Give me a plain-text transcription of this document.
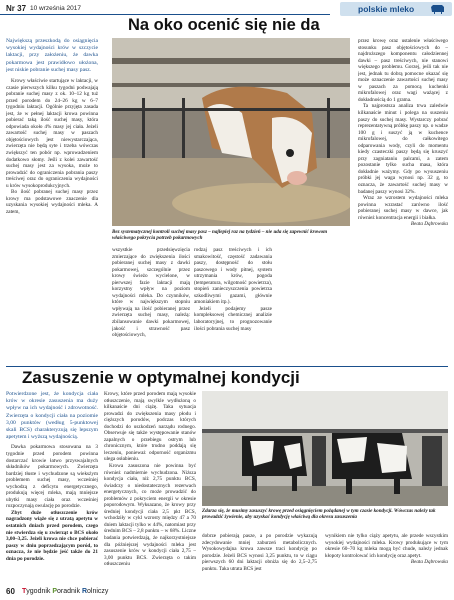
Nr 37 10 września 2017	polskie mleko
Na oko ocenić się nie da

Największą przeszkodą do osiągnięcia wysokiej wydajności krów w szczycie laktacji, przy założeniu, że dawka pokarmowa jest prawidłowo ułożona, jest niskie pobranie suchej masy pasz.

Krowy właściwie startujące w laktacji, w czasie pierwszych kilku tygodni podwajają pobranie suchej masy z ok. 10–12 kg tuż przed porodem do 24–26 kg w 6–7 tygodniu laktacji. Ogólnie przyjęta zasada jest, że w pełnej laktacji krowa powinna pobierać taką ilość suchej masy, która odpowiada około 4% masy jej ciała. Jeżeli zawartość suchej masy w paszach objętościowych jest niewystarczająca, zwierzęta nie będą syte i trzeba wówczas zwiększyć ten pobór np. wprowadzeniem dodatkowo słomy. Jeśli z kolei zawartość suchej masy jest za wysoka, może to prowadzić do ograniczenia pobrania paszy treściwej oraz do ograniczenia wydajności u krów wysokoprodukcyjnych.

Bo ilość pobranej suchej masy przez krowy ma podstawowe znaczenie dla uzyskania wysokiej wydajności mleka. A zatem,

Bez systematycznej kontroli suchej masy pasz – najlepiej raz na tydzień – nie uda się zapewnić krowom właściwego pokrycia potrzeb pokarmowych

wszystkie przedsięwzięcia zmierzające do zwiększenia ilości pobieranej suchej masy z dawki pokarmowej, szczególnie przez krowy świeżo wycielone, w pierwszej fazie laktacji mają korzystny wpływ na poziom wydajności mleka. Do czynników, które w największym stopniu wpływają na ilość pobieranej przez zwierzęta suchej masy, należą: zbilansowanie dawki pokarmowej, jakość i strawność pasz objętościowych,

rodzaj pasz treściwych i ich smakowitość, częstość zadawania paszy, dostępność do stołu paszowego i wody pitnej, system utrzymania krów, pogoda (temperatura, wilgotność powietrza), stopień zanieczyszczenia powietrza szkodliwymi gazami, głównie amoniakiem itp.).

Jeżeli podajemy pasze kompleksowej chemicznej analizie laboratoryjnej, to prognozowanie ilości pobrania suchej masy

przez krowę oraz ustalenie właściwego stosunku pasz objętościowych do – najdroższego komponentu całodziennej dawki – pasz treściwych, nie stanowi większego problemu. Gorzej, jeśli tak nie jest, jednak tu dobrą pomocne okazać się może oznaczenie zawartości suchej masy w paszach za pomocą kuchenki mikrofalowej oraz wagi ważącej z dokładnością do 1 grama.

Ta najprostsza analiza trwa zaledwie kilkanaście minut i polega na suszeniu paszy do suchej masy. Wystarczy pobrać reprezentatywną próbkę paszy np. o wadze 100 g i suszyć ją w kuchence mikrofalowej, do całkowitego odparowania wody, czyli do momentu kiedy czasteczki paszy będą się kruszyć przy zagniataniu palcami, a zatem pozostanie tylko sucha masa, która dokładnie ważymy. Gdy po wysuszeniu próbki jej waga wynosi np. 32 g, to oznacza, że zawartość suchej masy w badanej paszy wynosi 32%.

Wraz ze wzrostem wydajności mleka powinna wzrastać zarówno ilość pobieranej suchej masy w dawce, jak również koncentracja energii i białka.

Beata Dąbrowska

Zasuszenie w optymalnej kondycji

Potwierdzone jest, że kondycja ciała krów w okresie zasuszenia ma duży wpływ na ich wydajność i zdrowotność. Zwierzęta o kondycji ciała na poziomie 3,00 punktów (według 5-punktowej skali BCS) charakteryzują się lepszym apetytem i wyższą wydajnością.

Dawka pokarmowa stosowana na 3 tygodnie przed porodem powinna dostarczać krowie łatwo przyswajalnych składników pokarmowych. Zwierzęta bardziej tłuste i wychudzone są wieksżym problemem suchej masy, wcześniej wychodzą z deficytu energetycznego, produkują więcej mleka, mają mniejsze ubytki masy ciała oraz wcześniej rozpoczynają owulację po porodzie.

Zbyt duże otłuszczenie krów nagradzony wiąże się z utratą apetytu w ostatnich dniach przed porodem, czego nie stwierdza się u zwierząt o BCS około 3,00–3,25. Jeżeli krowa nie chce pobierać paszy w dniu poprzedzającym poród, to oznacza, że nie będzie jeść także do 21 dnia po porodzie.

Krowy, które przed porodem mają wysokie otłuszczenie, mają swylkle wydłużoną o kilkanaście dni ciążę. Taka sytuacja prowadzi do zwiększenia masy płodu i cięższych porodów, podczas których dochodzi do uszkodzeń narządu rodnego. Obserwuje się także występowanie stanów zapalnych o przebiegu ostrym lub chronicznym, które trudno poddają się leczeniu, ponieważ odporność organizmu ulega osłabieniu.

Krowa zasuszona nie powinna być również nadmiernie wychudzona. Niższa kondycja ciała, niż 2,75 punktu BCS, świadczy o niedostatecznych rezerwach energetycznych, co może prowadzić do problemów z pokryciem energii w okresie poporodowym. Wyksazano, że krowy przy średniej kondycji ciała 2,5 pkt BCS, wchodziły w cykl wzrosty między 47 a 70 dniem laktacji tylko w 44%, natomiast przy średnim BCS – 2,8 punktu – w 68%. Liczne badania potwierdzają, że najkorzystniejsze dla późniejszej wydajności mleka jest zasuszenie krów w kondycji ciała 2,75 – 3,00 punktu BCS. Zwierzęta o takim otłuszczeniu

Zdarza się, że musimy zasuszyć krowę przed osiągnięciem pożądanej w tym czasie kondycji. Wówczas należy tak prowadzić żywienie, aby uzyskać kondycję właściwą dla okresu zasuszenia

dobrze pobierają pasze, a po porodzie wykazują zdecydowanie mniej zaburzeń metabolicznych. Wysokowydajna krowa zawsze traci kondycję po porodzie. Jeżeli BCS wynosi 3,25 punktu, to w ciągu pierwszych 60 dni laktacji obniża się do 2,5–2,75 punktu. Taka utrata BCS jest

wynikiem nie tylko ciąży apetytu, ale przede wszystkim wysokiej wydajności mleka. Krowy produkujące w tym okresie 60–70 kg mleka mogą być chude, należy jednak kłopoty kontrolować ich kondycję oraz apetyt.

Beata Dąbrowska

60 Tygodnik Poradnik Rolniczy
